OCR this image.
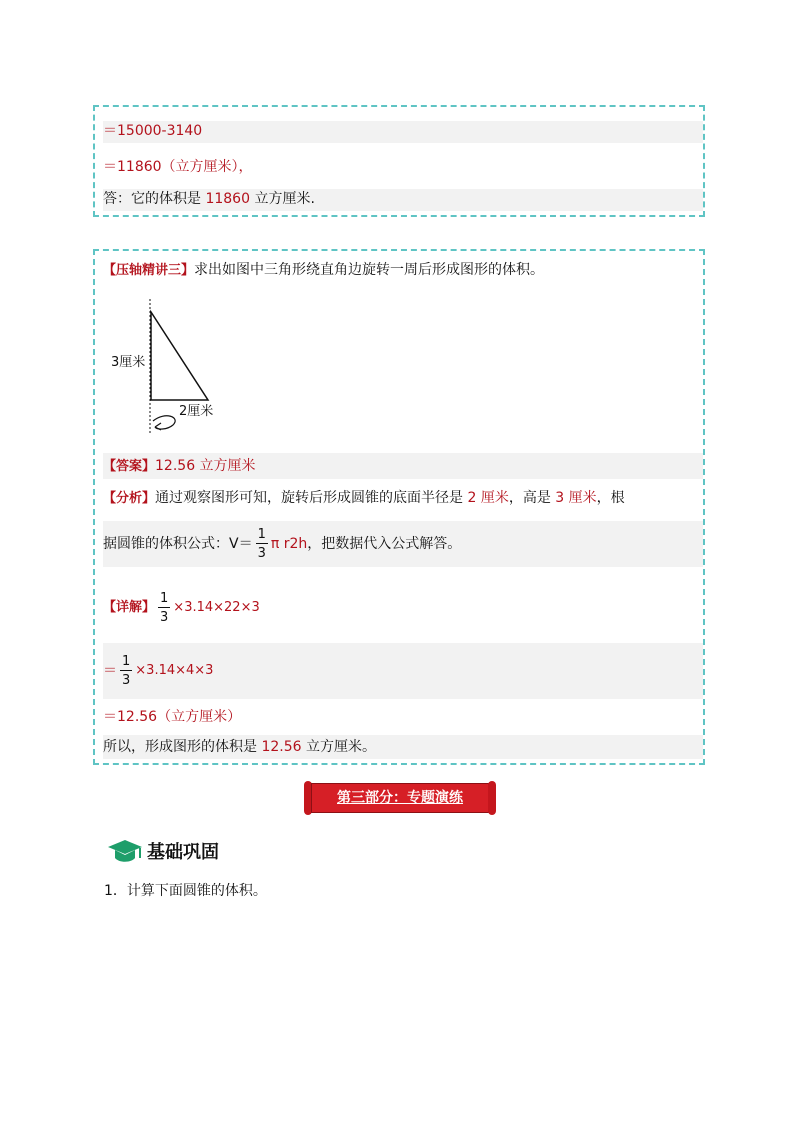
＝15000-3140
＝11860（立方厘米），
答：它的体积是 11860 立方厘米.
【压轴精讲三】求出如图中三角形绕直角边旋转一周后形成图形的体积。
3厘米
2厘米
【答案】12.56 立方厘米
【分析】通过观察图形可知，旋转后形成圆锥的底面半径是 2 厘米，高是 3 厘米，根
据圆锥的体积公式：$V= \frac{1}{3}$ π r2h ，把数据代入公式解答。
【详解】 $\frac{1}{3} \times 3.14\times 22\times 3$
＝ $\frac{1}{3} \times 3.14\times 4\times 3$
＝12.56（立方厘米）
所以，形成图形的体积是 12.56 立方厘米。
第三部分：专题演练
基础巩固
1．计算下面圆锥的体积。
